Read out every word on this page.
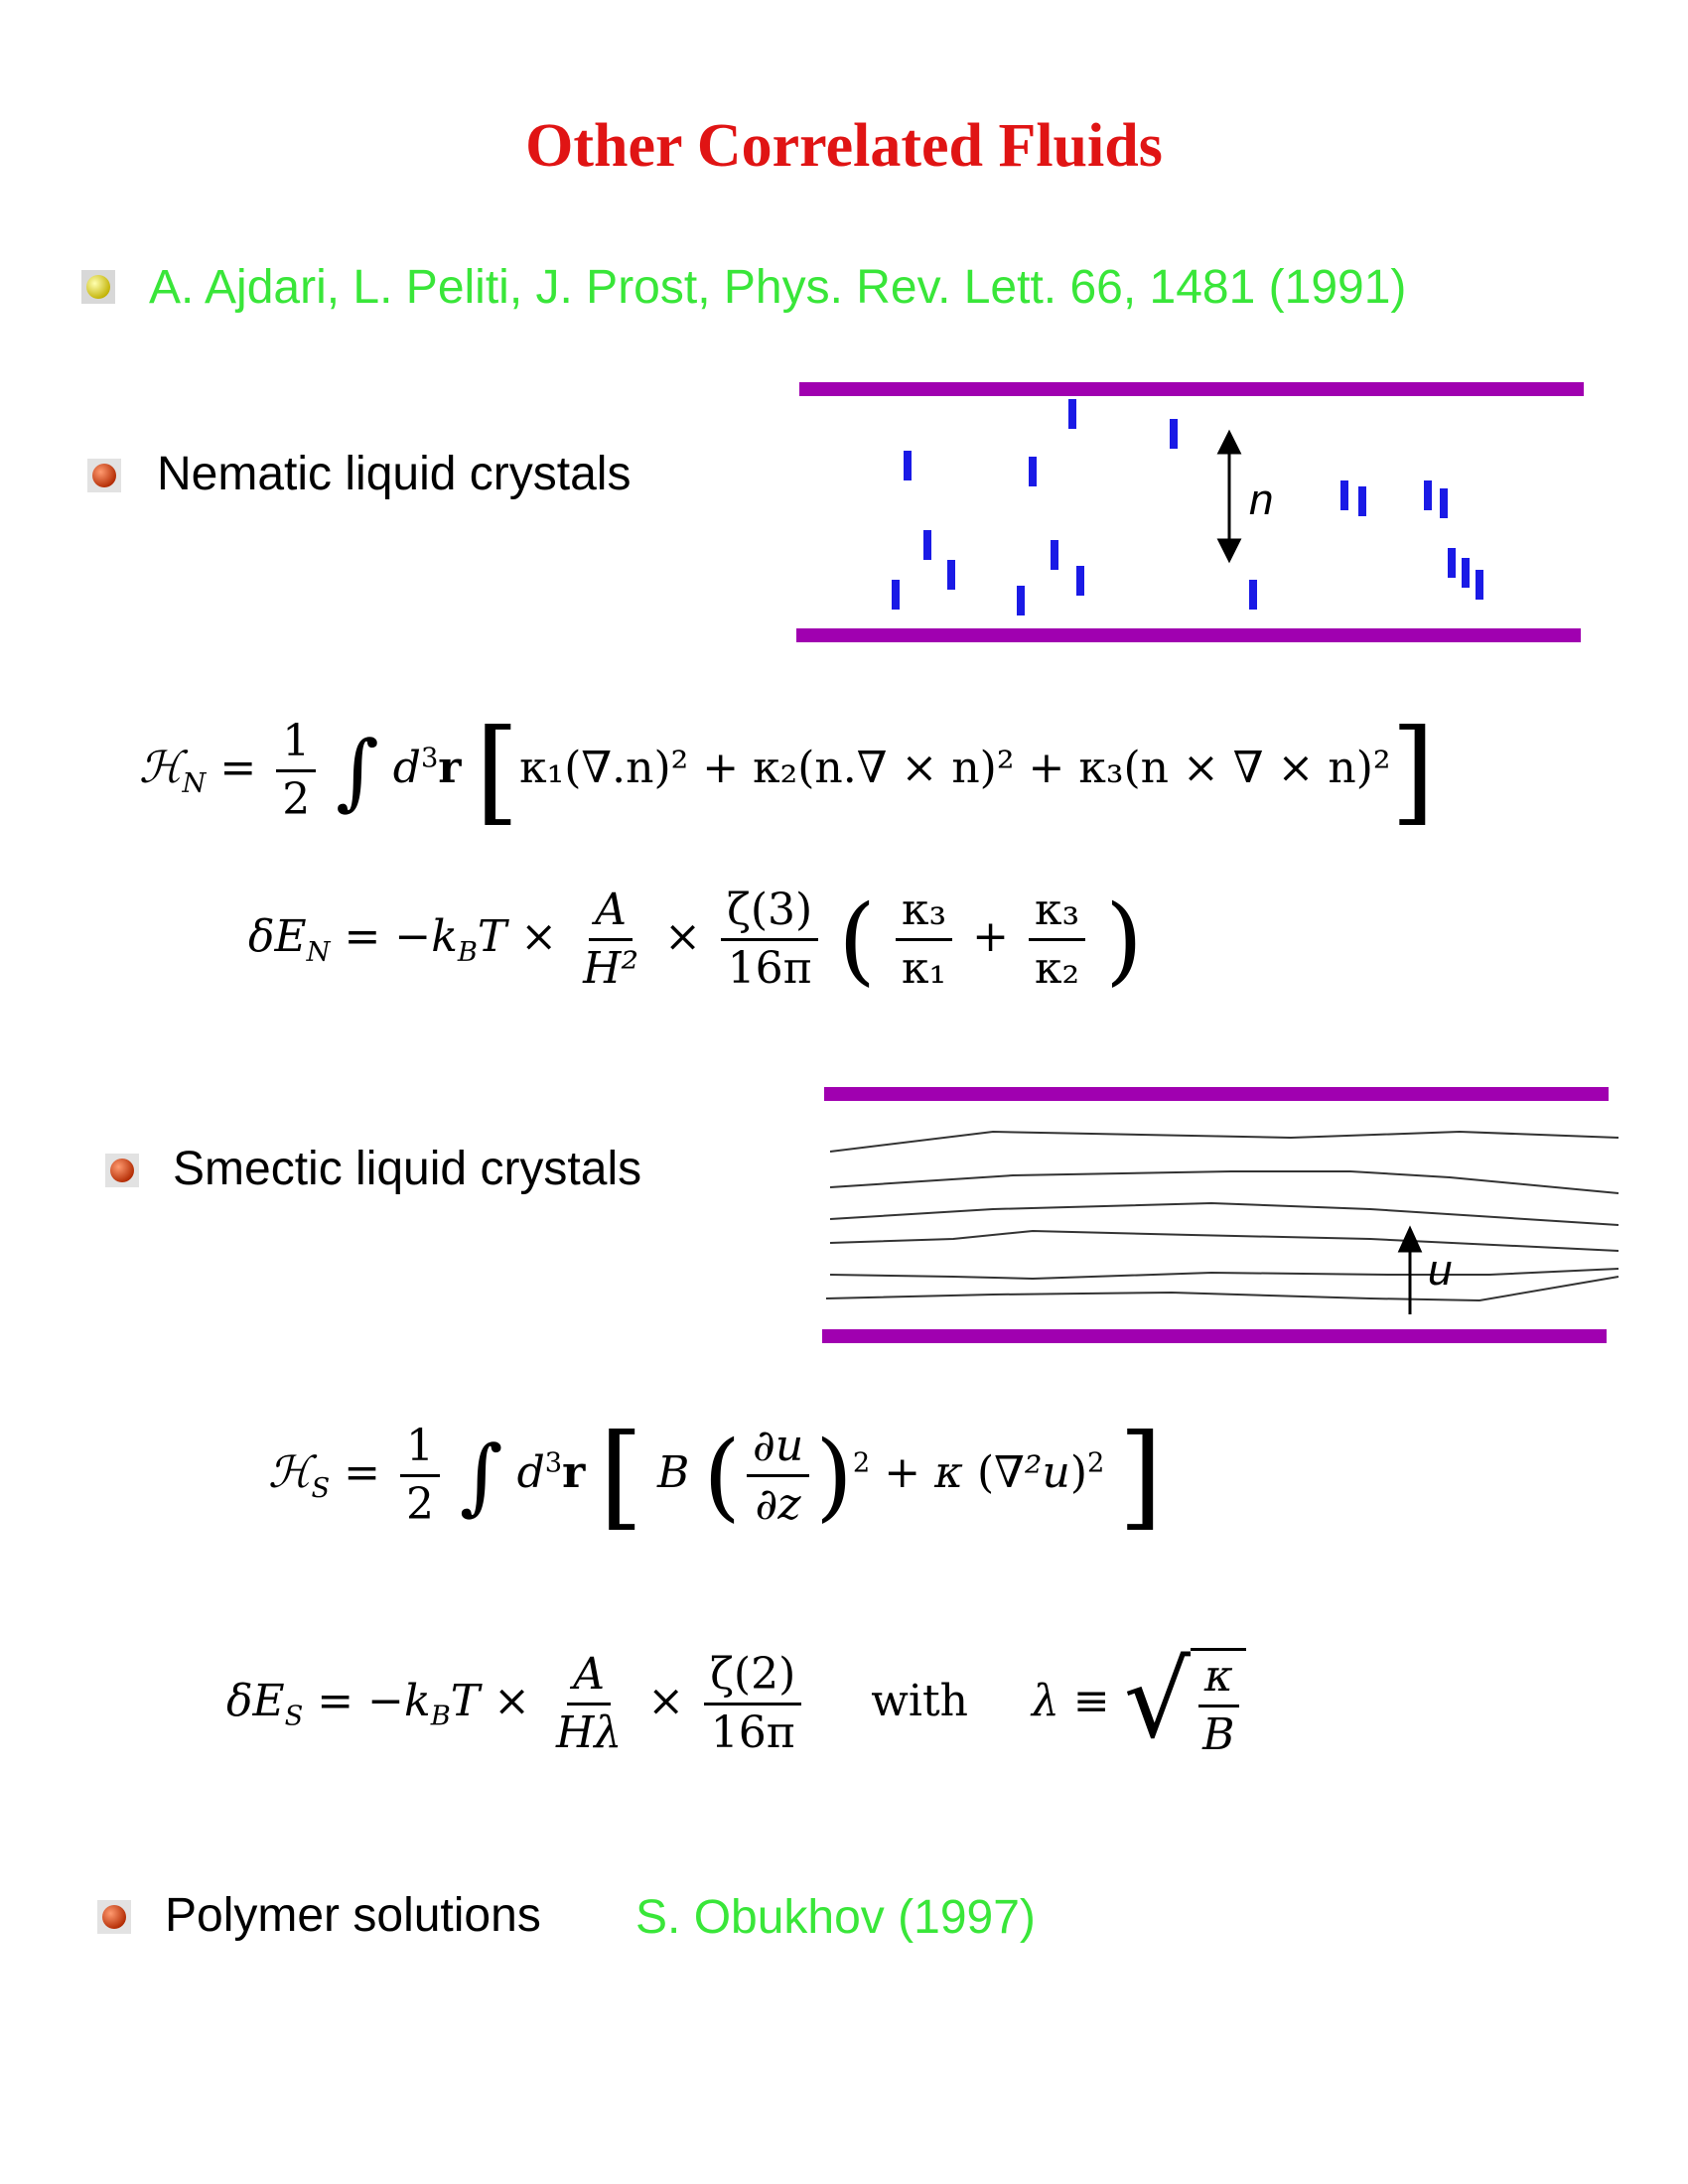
Other Correlated Fluids
A. Ajdari, L. Peliti, J. Prost, Phys. Rev. Lett. 66, 1481 (1991)
Nematic liquid crystals	n
ℋ$_N$ = $\frac{1}{2}$ ∫ $d^3r$ [κ₁(∇.n)² + κ₂(n.∇ × n)² + κ₃(n × ∇ × n)²]
$\delta E_N = -k_BT \times \frac{A}{\text{H²}} \times \frac{\zeta(3)}{16\pi}$ ( $\frac{\text{κ₃}}{\text{κ₁}} + \frac{\text{κ₃}}{\text{κ₂}}$ )
Smectic liquid crystals
u
ℋ$_S$ = $\frac{1}{2}$ ∫ $d^3r$ [ B ( $\frac{\partial u}{\partial z} )^2 + \kappa$ $(\nabla^2u)^2$ ]
$\delta E_S = -k_BT \times \frac{A}{H\lambda} \times \frac{\zeta(2)}{16\pi}$ with λ ≡ √ $\frac{\kappa}{B}$
Polymer solutions S. Obukhov (1997)
